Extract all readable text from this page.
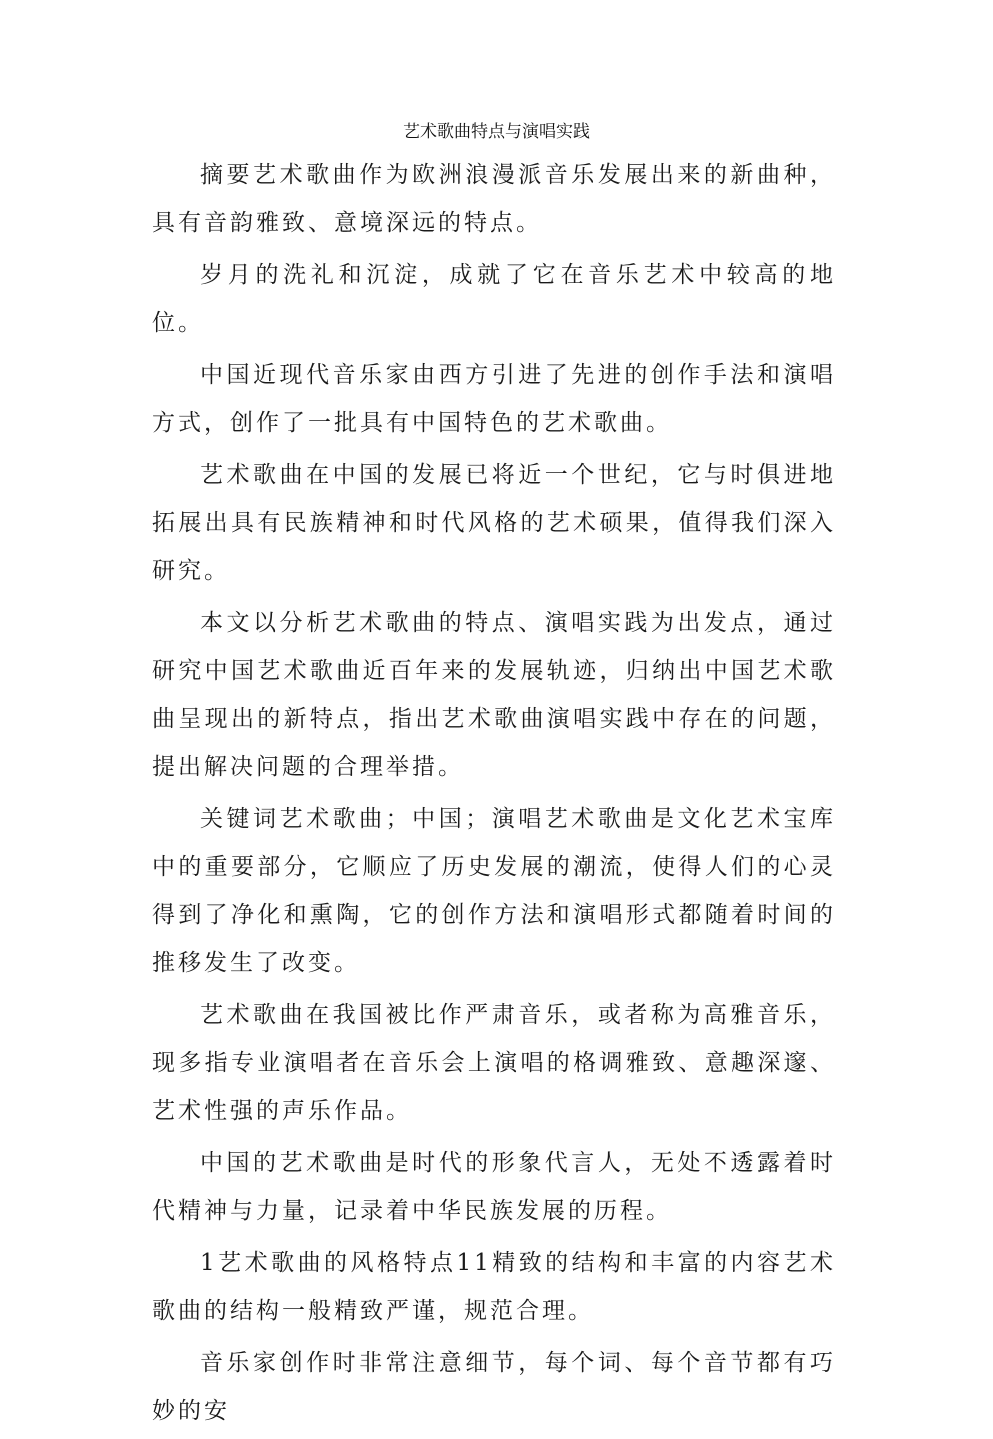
艺术歌曲特点与演唱实践

摘要艺术歌曲作为欧洲浪漫派音乐发展出来的新曲种，具有音韵雅致、意境深远的特点。

岁月的洗礼和沉淀，成就了它在音乐艺术中较高的地位。

中国近现代音乐家由西方引进了先进的创作手法和演唱方式，创作了一批具有中国特色的艺术歌曲。

艺术歌曲在中国的发展已将近一个世纪，它与时俱进地拓展出具有民族精神和时代风格的艺术硕果，值得我们深入研究。

本文以分析艺术歌曲的特点、演唱实践为出发点，通过研究中国艺术歌曲近百年来的发展轨迹，归纳出中国艺术歌曲呈现出的新特点，指出艺术歌曲演唱实践中存在的问题，提出解决问题的合理举措。

关键词艺术歌曲；中国；演唱艺术歌曲是文化艺术宝库中的重要部分，它顺应了历史发展的潮流，使得人们的心灵得到了净化和熏陶，它的创作方法和演唱形式都随着时间的推移发生了改变。

艺术歌曲在我国被比作严肃音乐，或者称为高雅音乐，现多指专业演唱者在音乐会上演唱的格调雅致、意趣深邃、艺术性强的声乐作品。

中国的艺术歌曲是时代的形象代言人，无处不透露着时代精神与力量，记录着中华民族发展的历程。

1艺术歌曲的风格特点11精致的结构和丰富的内容艺术歌曲的结构一般精致严谨，规范合理。

音乐家创作时非常注意细节，每个词、每个音节都有巧妙的安
